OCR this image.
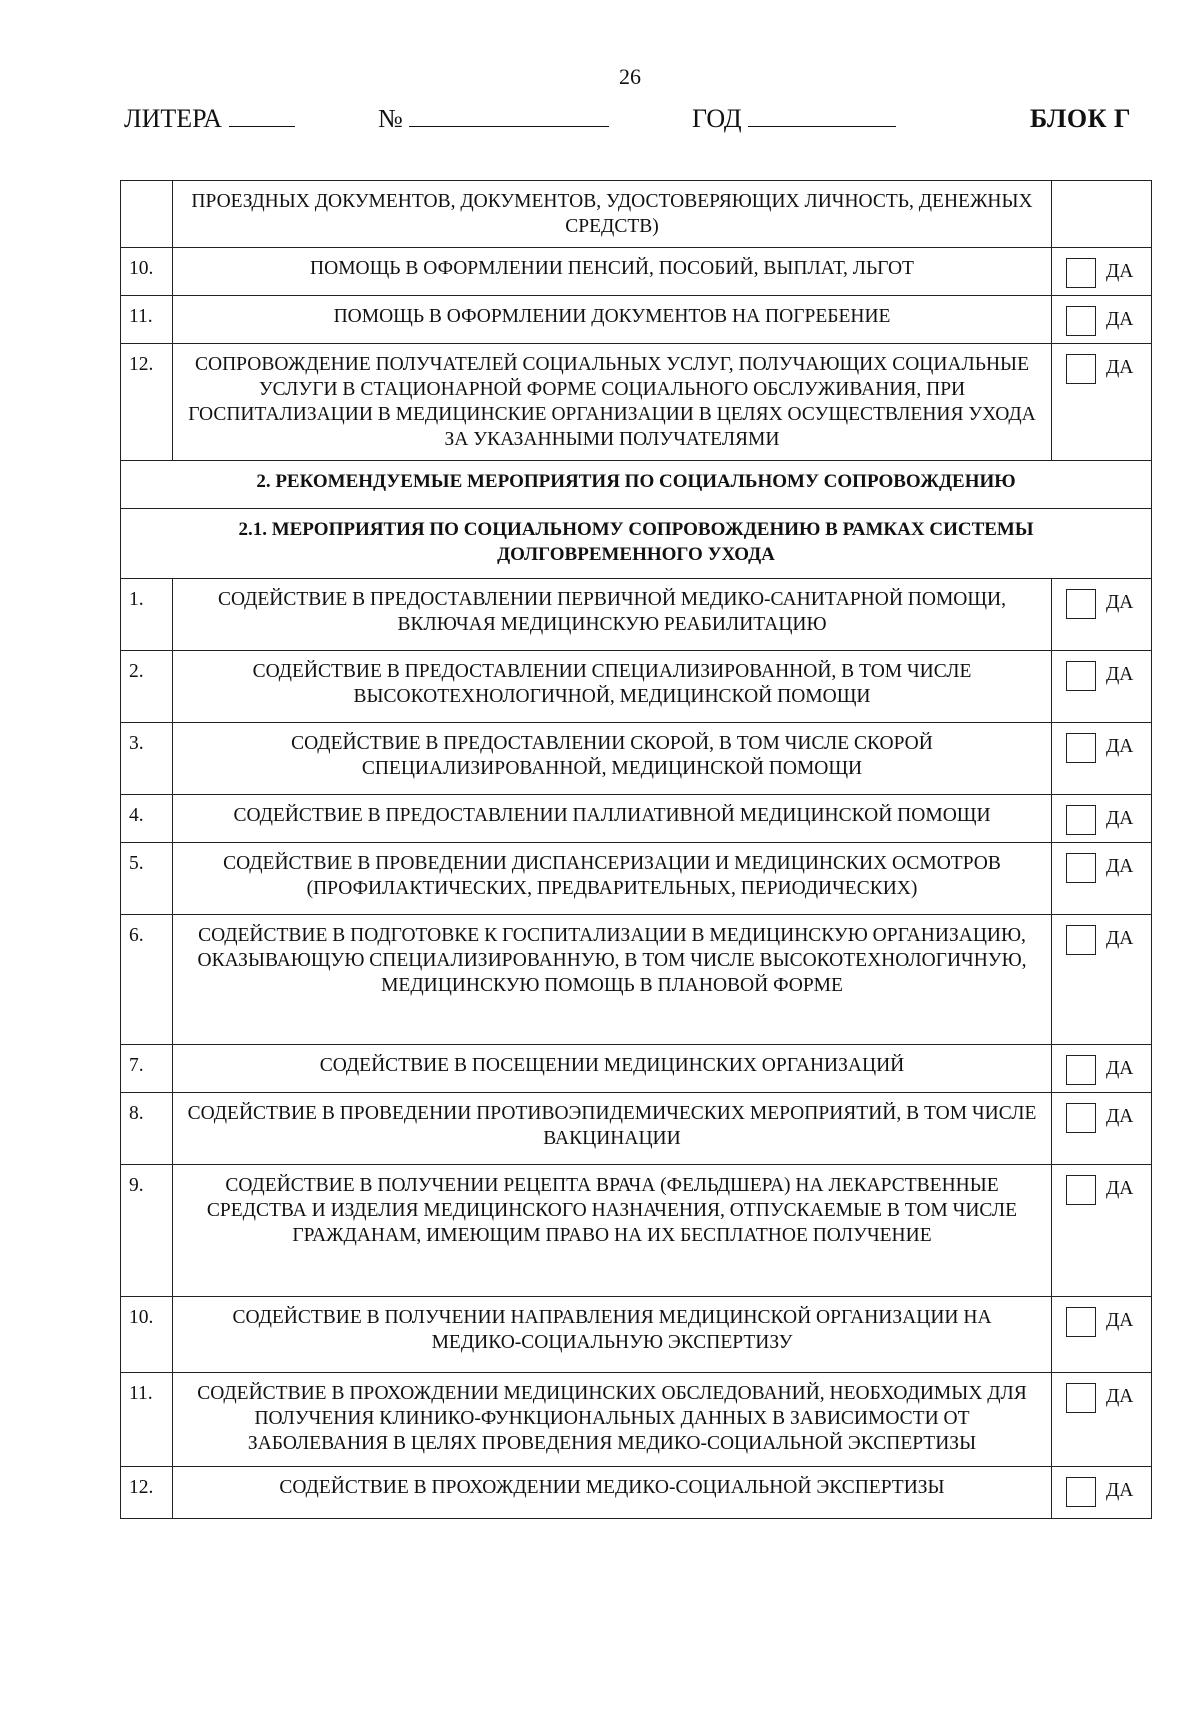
26
ЛИТЕРА	№	ГОД	БЛОК Г
	ПРОЕЗДНЫХ ДОКУМЕНТОВ, ДОКУМЕНТОВ, УДОСТОВЕРЯЮЩИХ ЛИЧНОСТЬ, ДЕНЕЖНЫХ СРЕДСТВ)	
10.	ПОМОЩЬ В ОФОРМЛЕНИИ ПЕНСИЙ, ПОСОБИЙ, ВЫПЛАТ, ЛЬГОТ	ДА
11.	ПОМОЩЬ В ОФОРМЛЕНИИ ДОКУМЕНТОВ НА ПОГРЕБЕНИЕ	ДА
12.	СОПРОВОЖДЕНИЕ ПОЛУЧАТЕЛЕЙ СОЦИАЛЬНЫХ УСЛУГ, ПОЛУЧАЮЩИХ СОЦИАЛЬНЫЕ УСЛУГИ В СТАЦИОНАРНОЙ ФОРМЕ СОЦИАЛЬНОГО ОБСЛУЖИВАНИЯ, ПРИ ГОСПИТАЛИЗАЦИИ В МЕДИЦИНСКИЕ ОРГАНИЗАЦИИ В ЦЕЛЯХ ОСУЩЕСТВЛЕНИЯ УХОДА ЗА УКАЗАННЫМИ ПОЛУЧАТЕЛЯМИ	ДА
2. РЕКОМЕНДУЕМЫЕ МЕРОПРИЯТИЯ ПО СОЦИАЛЬНОМУ СОПРОВОЖДЕНИЮ		
2.1. МЕРОПРИЯТИЯ ПО СОЦИАЛЬНОМУ СОПРОВОЖДЕНИЮ В РАМКАХ СИСТЕМЫ ДОЛГОВРЕМЕННОГО УХОДА		
1.	СОДЕЙСТВИЕ В ПРЕДОСТАВЛЕНИИ ПЕРВИЧНОЙ МЕДИКО-САНИТАРНОЙ ПОМОЩИ, ВКЛЮЧАЯ МЕДИЦИНСКУЮ РЕАБИЛИТАЦИЮ	ДА
2.	СОДЕЙСТВИЕ В ПРЕДОСТАВЛЕНИИ СПЕЦИАЛИЗИРОВАННОЙ, В ТОМ ЧИСЛЕ ВЫСОКОТЕХНОЛОГИЧНОЙ, МЕДИЦИНСКОЙ ПОМОЩИ	ДА
3.	СОДЕЙСТВИЕ В ПРЕДОСТАВЛЕНИИ СКОРОЙ, В ТОМ ЧИСЛЕ СКОРОЙ СПЕЦИАЛИЗИРОВАННОЙ, МЕДИЦИНСКОЙ ПОМОЩИ	ДА
4.	СОДЕЙСТВИЕ В ПРЕДОСТАВЛЕНИИ ПАЛЛИАТИВНОЙ МЕДИЦИНСКОЙ ПОМОЩИ	ДА
5.	СОДЕЙСТВИЕ В ПРОВЕДЕНИИ ДИСПАНСЕРИЗАЦИИ И МЕДИЦИНСКИХ ОСМОТРОВ (ПРОФИЛАКТИЧЕСКИХ, ПРЕДВАРИТЕЛЬНЫХ, ПЕРИОДИЧЕСКИХ)	ДА
6.	СОДЕЙСТВИЕ В ПОДГОТОВКЕ К ГОСПИТАЛИЗАЦИИ В МЕДИЦИНСКУЮ ОРГАНИЗАЦИЮ, ОКАЗЫВАЮЩУЮ СПЕЦИАЛИЗИРОВАННУЮ, В ТОМ ЧИСЛЕ ВЫСОКОТЕХНОЛОГИЧНУЮ, МЕДИЦИНСКУЮ ПОМОЩЬ В ПЛАНОВОЙ ФОРМЕ	ДА
7.	СОДЕЙСТВИЕ В ПОСЕЩЕНИИ МЕДИЦИНСКИХ ОРГАНИЗАЦИЙ	ДА
8.	СОДЕЙСТВИЕ В ПРОВЕДЕНИИ ПРОТИВОЭПИДЕМИЧЕСКИХ МЕРОПРИЯТИЙ, В ТОМ ЧИСЛЕ ВАКЦИНАЦИИ	ДА
9.	СОДЕЙСТВИЕ В ПОЛУЧЕНИИ РЕЦЕПТА ВРАЧА (ФЕЛЬДШЕРА) НА ЛЕКАРСТВЕННЫЕ СРЕДСТВА И ИЗДЕЛИЯ МЕДИЦИНСКОГО НАЗНАЧЕНИЯ, ОТПУСКАЕМЫЕ В ТОМ ЧИСЛЕ ГРАЖДАНАМ, ИМЕЮЩИМ ПРАВО НА ИХ БЕСПЛАТНОЕ ПОЛУЧЕНИЕ	ДА
10.	СОДЕЙСТВИЕ В ПОЛУЧЕНИИ НАПРАВЛЕНИЯ МЕДИЦИНСКОЙ ОРГАНИЗАЦИИ НА МЕДИКО-СОЦИАЛЬНУЮ ЭКСПЕРТИЗУ	ДА
11.	СОДЕЙСТВИЕ В ПРОХОЖДЕНИИ МЕДИЦИНСКИХ ОБСЛЕДОВАНИЙ, НЕОБХОДИМЫХ ДЛЯ ПОЛУЧЕНИЯ КЛИНИКО-ФУНКЦИОНАЛЬНЫХ ДАННЫХ В ЗАВИСИМОСТИ ОТ ЗАБОЛЕВАНИЯ В ЦЕЛЯХ ПРОВЕДЕНИЯ МЕДИКО-СОЦИАЛЬНОЙ ЭКСПЕРТИЗЫ	ДА
12.	СОДЕЙСТВИЕ В ПРОХОЖДЕНИИ МЕДИКО-СОЦИАЛЬНОЙ ЭКСПЕРТИЗЫ	ДА
